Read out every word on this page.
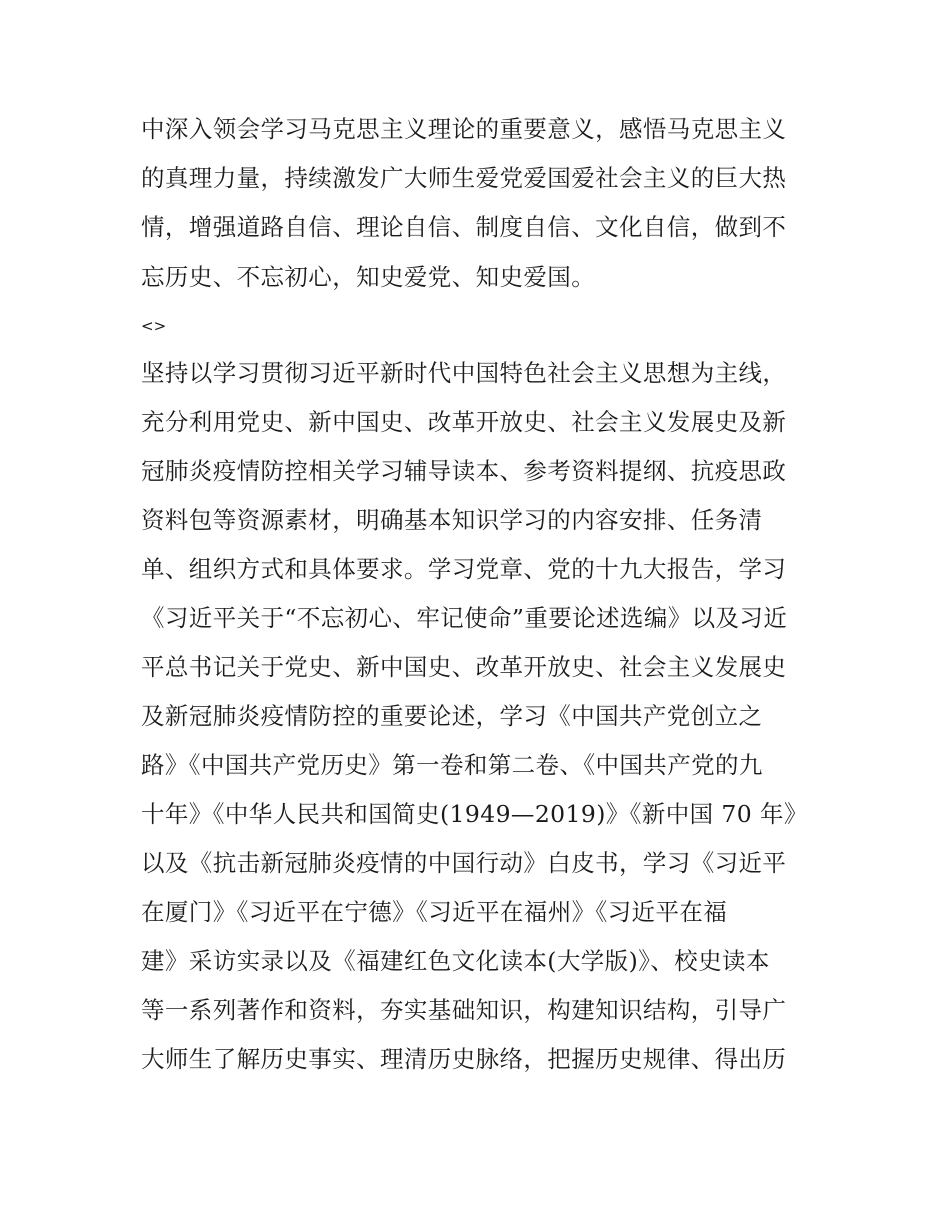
中深入领会学习马克思主义理论的重要意义，感悟马克思主义
的真理力量，持续激发广大师生爱党爱国爱社会主义的巨大热
情，增强道路自信、理论自信、制度自信、文化自信，做到不
忘历史、不忘初心，知史爱党、知史爱国。
<>
坚持以学习贯彻习近平新时代中国特色社会主义思想为主线，
充分利用党史、新中国史、改革开放史、社会主义发展史及新
冠肺炎疫情防控相关学习辅导读本、参考资料提纲、抗疫思政
资料包等资源素材，明确基本知识学习的内容安排、任务清
单、组织方式和具体要求。学习党章、党的十九大报告，学习
《习近平关于“不忘初心、牢记使命”重要论述选编》以及习近
平总书记关于党史、新中国史、改革开放史、社会主义发展史
及新冠肺炎疫情防控的重要论述，学习《中国共产党创立之
路》《中国共产党历史》第一卷和第二卷、《中国共产党的九
十年》《中华人民共和国简史(1949—2019)》《新中国 70 年》
以及《抗击新冠肺炎疫情的中国行动》白皮书，学习《习近平
在厦门》《习近平在宁德》《习近平在福州》《习近平在福
建》采访实录以及《福建红色文化读本(大学版)》、校史读本
等一系列著作和资料，夯实基础知识，构建知识结构，引导广
大师生了解历史事实、理清历史脉络，把握历史规律、得出历
